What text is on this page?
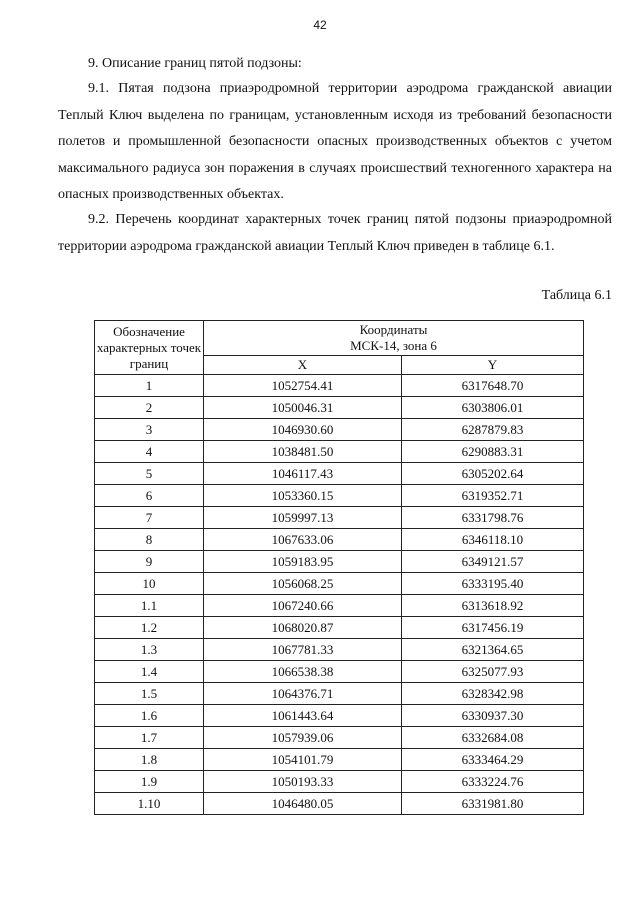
42
9. Описание границ пятой подзоны:

9.1. Пятая подзона приаэродромной территории аэродрома гражданской авиации Теплый Ключ выделена по границам, установленным исходя из требований безопасности полетов и промышленной безопасности опасных производственных объектов с учетом максимального радиуса зон поражения в случаях происшествий техногенного характера на опасных производственных объектах.

9.2. Перечень координат характерных точек границ пятой подзоны приаэродромной территории аэродрома гражданской авиации Теплый Ключ приведен в таблице 6.1.

Таблица 6.1
Обозначение характерных точек границ	Координаты
МСК-14, зона 6	

	X	Y
1	1052754.41	6317648.70
2	1050046.31	6303806.01
3	1046930.60	6287879.83
4	1038481.50	6290883.31
5	1046117.43	6305202.64
6	1053360.15	6319352.71
7	1059997.13	6331798.76
8	1067633.06	6346118.10
9	1059183.95	6349121.57
10	1056068.25	6333195.40
1.1	1067240.66	6313618.92
1.2	1068020.87	6317456.19
1.3	1067781.33	6321364.65
1.4	1066538.38	6325077.93
1.5	1064376.71	6328342.98
1.6	1061443.64	6330937.30
1.7	1057939.06	6332684.08
1.8	1054101.79	6333464.29
1.9	1050193.33	6333224.76
1.10	1046480.05	6331981.80
